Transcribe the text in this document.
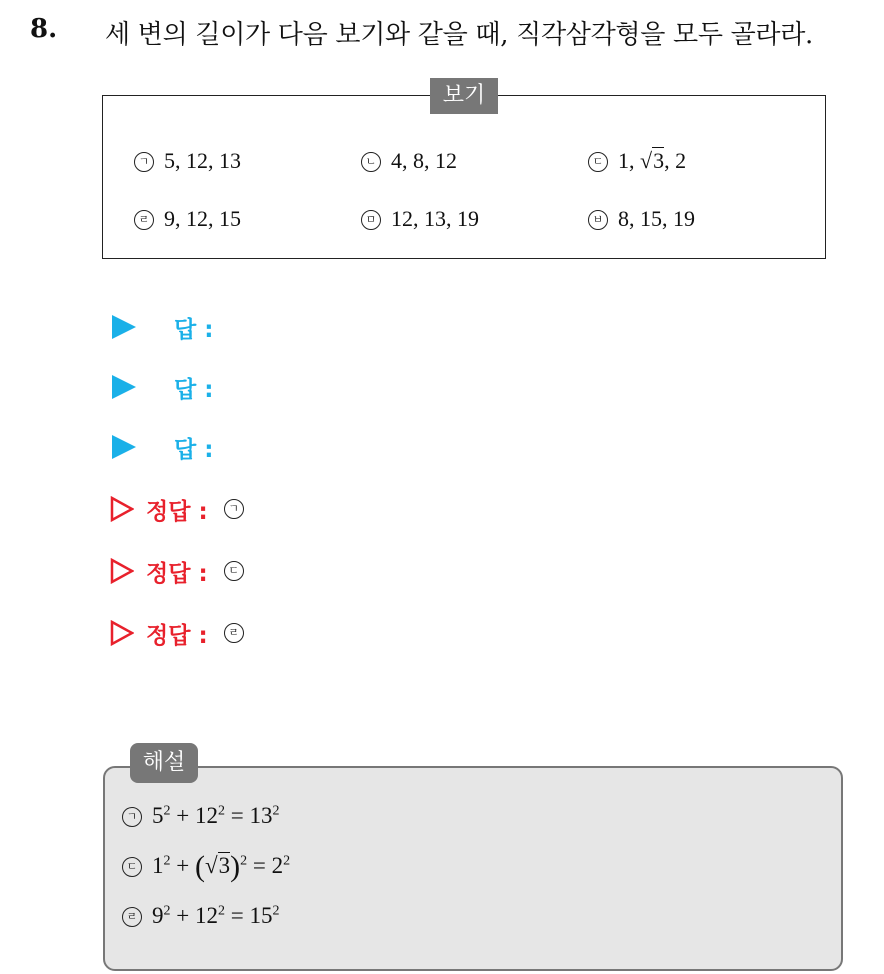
8. 세 변의 길이가 다음 보기와 같을 때, 직각삼각형을 모두 골라라.
보기
ㄱ 5, 12, 13	ㄴ 4, 8, 12	ㄷ 1, √3, 2
ㄹ 9, 12, 15	ㅁ 12, 13, 19	ㅂ 8, 15, 19
답 :
답 :
답 :
정답 :	ㄱ
정답 :	ㄷ
정답 :	ㄹ
해설
ㄱ $5^2 + 12^2 = 13^2$
ㄷ $1^2 + (√3)^2 = 2^2$
ㄹ $9^2 + 12^2 = 15^2$
